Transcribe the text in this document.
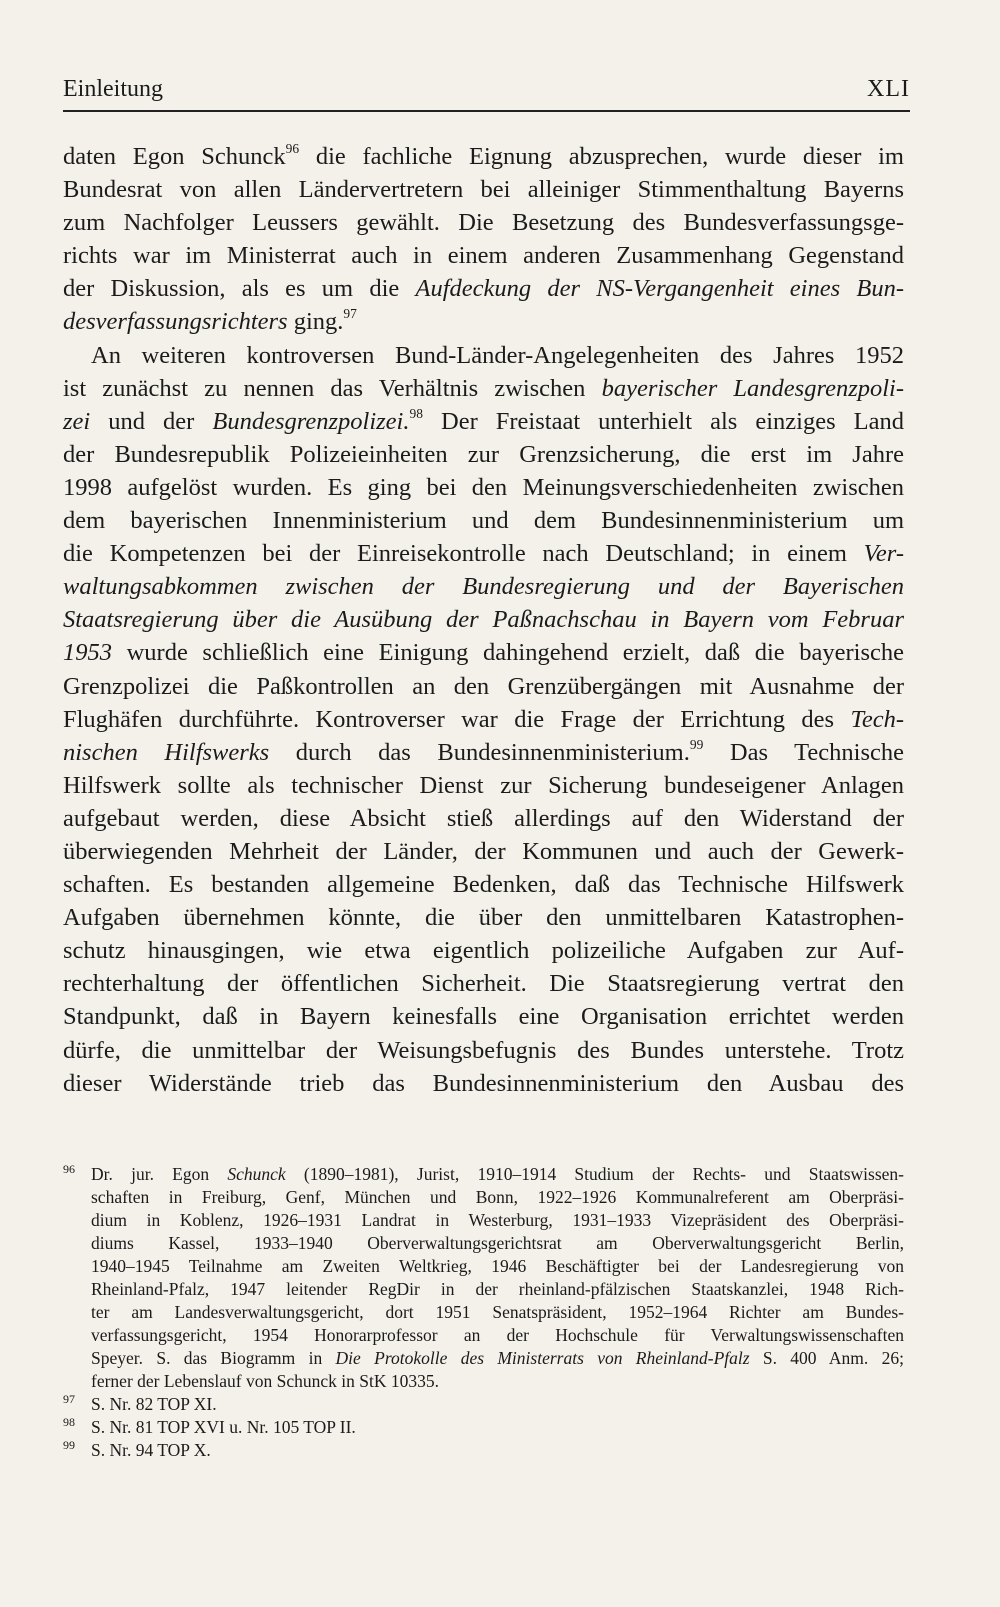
Einleitung	XLI
daten Egon Schunck$^{96}$ die fachliche Eignung abzusprechen, wurde dieser im
Bundesrat von allen Ländervertretern bei alleiniger Stimmenthaltung Bayerns
zum Nachfolger Leussers gewählt. Die Besetzung des Bundesverfassungsge-
richts war im Ministerrat auch in einem anderen Zusammenhang Gegenstand
der Diskussion, als es um die Aufdeckung der NS-Vergangenheit eines Bun-
desverfassungsrichters ging.$^{97}$
An weiteren kontroversen Bund-Länder-Angelegenheiten des Jahres 1952
ist zunächst zu nennen das Verhältnis zwischen bayerischer Landesgrenzpoli-
zei und der Bundesgrenzpolizei.$^{98}$ Der Freistaat unterhielt als einziges Land
der Bundesrepublik Polizeieinheiten zur Grenzsicherung, die erst im Jahre
1998 aufgelöst wurden. Es ging bei den Meinungsverschiedenheiten zwischen
dem bayerischen Innenministerium und dem Bundesinnenministerium um
die Kompetenzen bei der Einreisekontrolle nach Deutschland; in einem Ver-
waltungsabkommen zwischen der Bundesregierung und der Bayerischen
Staatsregierung über die Ausübung der Paßnachschau in Bayern vom Februar
1953 wurde schließlich eine Einigung dahingehend erzielt, daß die bayerische
Grenzpolizei die Paßkontrollen an den Grenzübergängen mit Ausnahme der
Flughäfen durchführte. Kontroverser war die Frage der Errichtung des Tech-
nischen Hilfswerks durch das Bundesinnenministerium.$^{99}$ Das Technische
Hilfswerk sollte als technischer Dienst zur Sicherung bundeseigener Anlagen
aufgebaut werden, diese Absicht stieß allerdings auf den Widerstand der
überwiegenden Mehrheit der Länder, der Kommunen und auch der Gewerk-
schaften. Es bestanden allgemeine Bedenken, daß das Technische Hilfswerk
Aufgaben übernehmen könnte, die über den unmittelbaren Katastrophen-
schutz hinausgingen, wie etwa eigentlich polizeiliche Aufgaben zur Auf-
rechterhaltung der öffentlichen Sicherheit. Die Staatsregierung vertrat den
Standpunkt, daß in Bayern keinesfalls eine Organisation errichtet werden
dürfe, die unmittelbar der Weisungsbefugnis des Bundes unterstehe. Trotz
dieser Widerstände trieb das Bundesinnenministerium den Ausbau des
96 Dr. jur. Egon Schunck (1890–1981), Jurist, 1910–1914 Studium der Rechts- und Staatswissen-
schaften in Freiburg, Genf, München und Bonn, 1922–1926 Kommunalreferent am Oberpräsi-
dium in Koblenz, 1926–1931 Landrat in Westerburg, 1931–1933 Vizepräsident des Oberpräsi-
diums Kassel, 1933–1940 Oberverwaltungsgerichtsrat am Oberverwaltungsgericht Berlin,
1940–1945 Teilnahme am Zweiten Weltkrieg, 1946 Beschäftigter bei der Landesregierung von
Rheinland-Pfalz, 1947 leitender RegDir in der rheinland-pfälzischen Staatskanzlei, 1948 Rich-
ter am Landesverwaltungsgericht, dort 1951 Senatspräsident, 1952–1964 Richter am Bundes-
verfassungsgericht, 1954 Honorarprofessor an der Hochschule für Verwaltungswissenschaften
Speyer. S. das Biogramm in Die Protokolle des Ministerrats von Rheinland-Pfalz S. 400 Anm. 26;
ferner der Lebenslauf von Schunck in StK 10335.
97 S. Nr. 82 TOP XI.
98 S. Nr. 81 TOP XVI u. Nr. 105 TOP II.
99 S. Nr. 94 TOP X.
